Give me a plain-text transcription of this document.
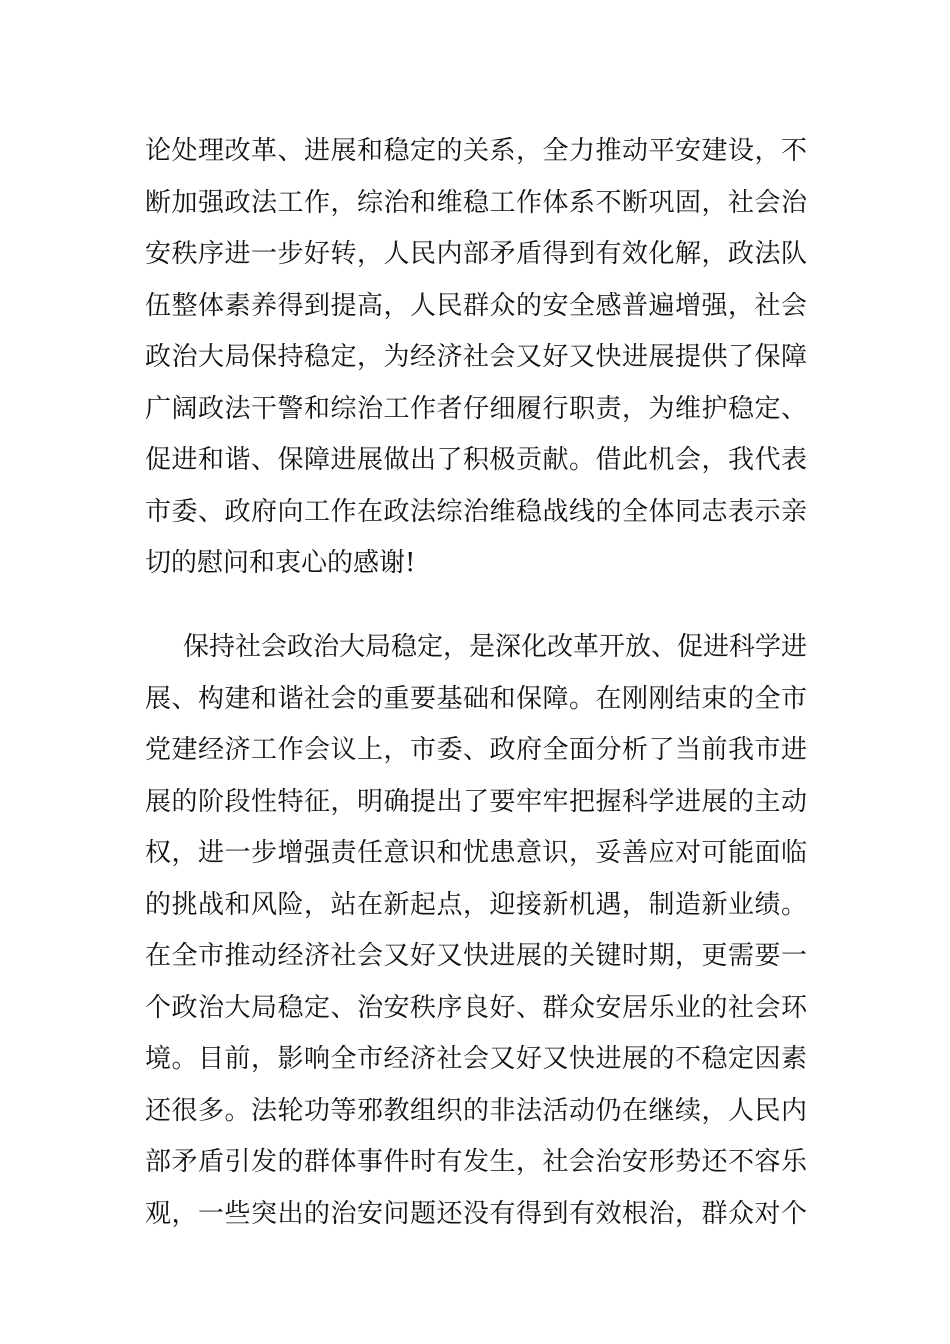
论处理改革、进展和稳定的关系，全力推动平安建设，不
断加强政法工作，综治和维稳工作体系不断巩固，社会治
安秩序进一步好转，人民内部矛盾得到有效化解，政法队
伍整体素养得到提高，人民群众的安全感普遍增强，社会
政治大局保持稳定，为经济社会又好又快进展提供了保障
广阔政法干警和综治工作者仔细履行职责，为维护稳定、
促进和谐、保障进展做出了积极贡献。借此机会，我代表
市委、政府向工作在政法综治维稳战线的全体同志表示亲
切的慰问和衷心的感谢!
保持社会政治大局稳定，是深化改革开放、促进科学进
展、构建和谐社会的重要基础和保障。在刚刚结束的全市
党建经济工作会议上，市委、政府全面分析了当前我市进
展的阶段性特征，明确提出了要牢牢把握科学进展的主动
权，进一步增强责任意识和忧患意识，妥善应对可能面临
的挑战和风险，站在新起点，迎接新机遇，制造新业绩。
在全市推动经济社会又好又快进展的关键时期，更需要一
个政治大局稳定、治安秩序良好、群众安居乐业的社会环
境。目前，影响全市经济社会又好又快进展的不稳定因素
还很多。法轮功等邪教组织的非法活动仍在继续，人民内
部矛盾引发的群体事件时有发生，社会治安形势还不容乐
观，一些突出的治安问题还没有得到有效根治，群众对个
